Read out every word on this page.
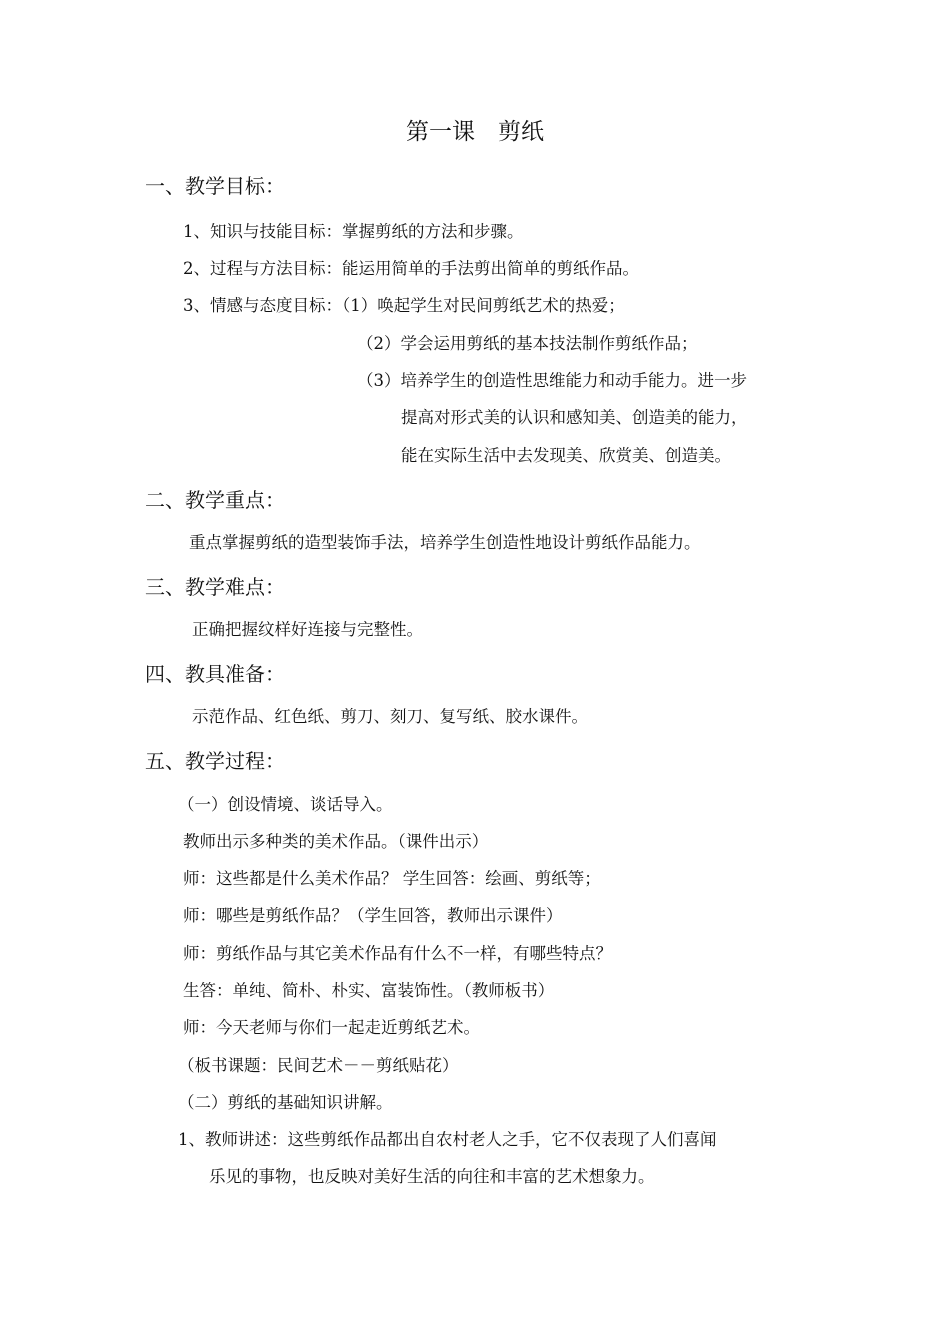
第一课　剪纸
一、教学目标：
1、知识与技能目标：掌握剪纸的方法和步骤。
2、过程与方法目标：能运用简单的手法剪出简单的剪纸作品。
3、情感与态度目标：（1）唤起学生对民间剪纸艺术的热爱；
（2）学会运用剪纸的基本技法制作剪纸作品；
（3）培养学生的创造性思维能力和动手能力。进一步
提高对形式美的认识和感知美、创造美的能力，
能在实际生活中去发现美、欣赏美、创造美。
二、教学重点：
重点掌握剪纸的造型装饰手法，培养学生创造性地设计剪纸作品能力。
三、教学难点：
正确把握纹样好连接与完整性。
四、教具准备：
示范作品、红色纸、剪刀、刻刀、复写纸、胶水课件。
五、教学过程：
（一）创设情境、谈话导入。
教师出示多种类的美术作品。（课件出示）
师：这些都是什么美术作品？ 学生回答：绘画、剪纸等；
师：哪些是剪纸作品？（学生回答，教师出示课件）
师：剪纸作品与其它美术作品有什么不一样，有哪些特点？
生答：单纯、简朴、朴实、富装饰性。（教师板书）
师：今天老师与你们一起走近剪纸艺术。
（板书课题：民间艺术－－剪纸贴花）
（二）剪纸的基础知识讲解。
1、教师讲述：这些剪纸作品都出自农村老人之手，它不仅表现了人们喜闻
乐见的事物，也反映对美好生活的向往和丰富的艺术想象力。
